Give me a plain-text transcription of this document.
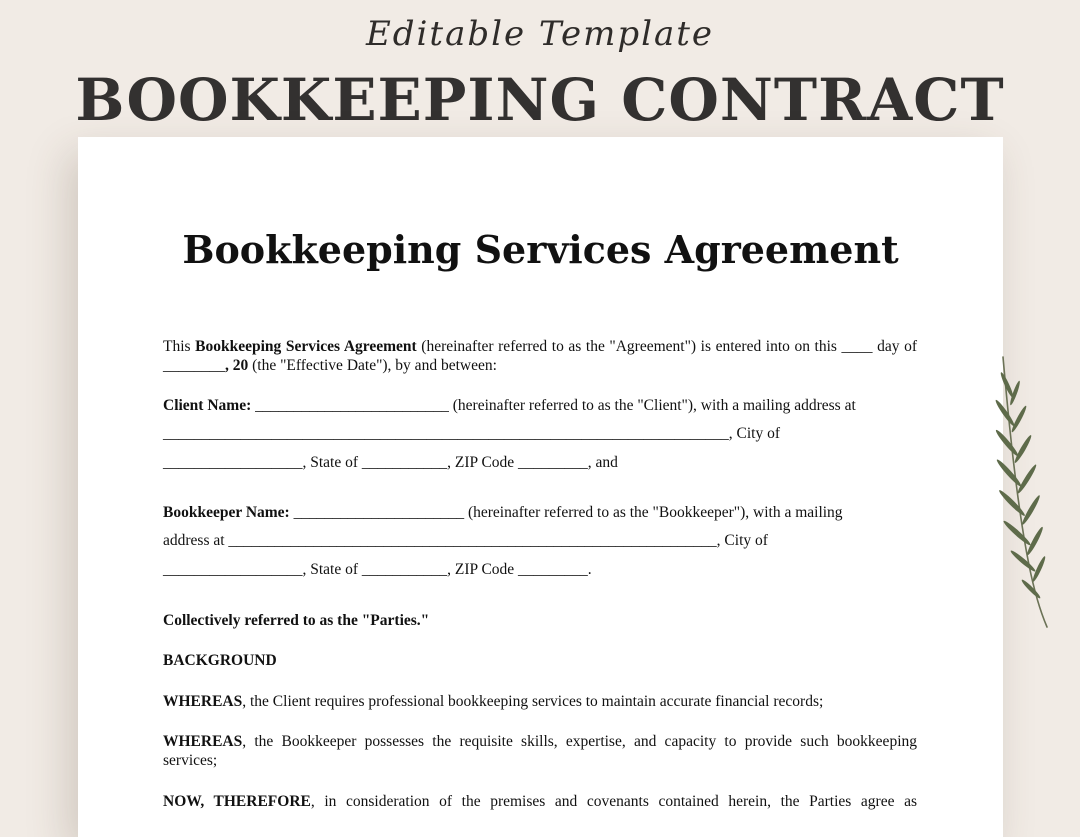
Editable Template
BOOKKEEPING CONTRACT
Bookkeeping Services Agreement
This Bookkeeping Services Agreement (hereinafter referred to as the "Agreement") is entered into on this ____ day of ________, 20 (the "Effective Date"), by and between:
Client Name: _________________________ (hereinafter referred to as the "Client"), with a mailing address at
_________________________________________________________________________, City of
__________________, State of ___________, ZIP Code _________, and
Bookkeeper Name: ______________________ (hereinafter referred to as the "Bookkeeper"), with a mailing
address at _______________________________________________________________, City of
__________________, State of ___________, ZIP Code _________.
Collectively referred to as the "Parties."
BACKGROUND
WHEREAS, the Client requires professional bookkeeping services to maintain accurate financial records;
WHEREAS, the Bookkeeper possesses the requisite skills, expertise, and capacity to provide such bookkeeping services;
NOW, THEREFORE, in consideration of the premises and covenants contained herein, the Parties agree as
